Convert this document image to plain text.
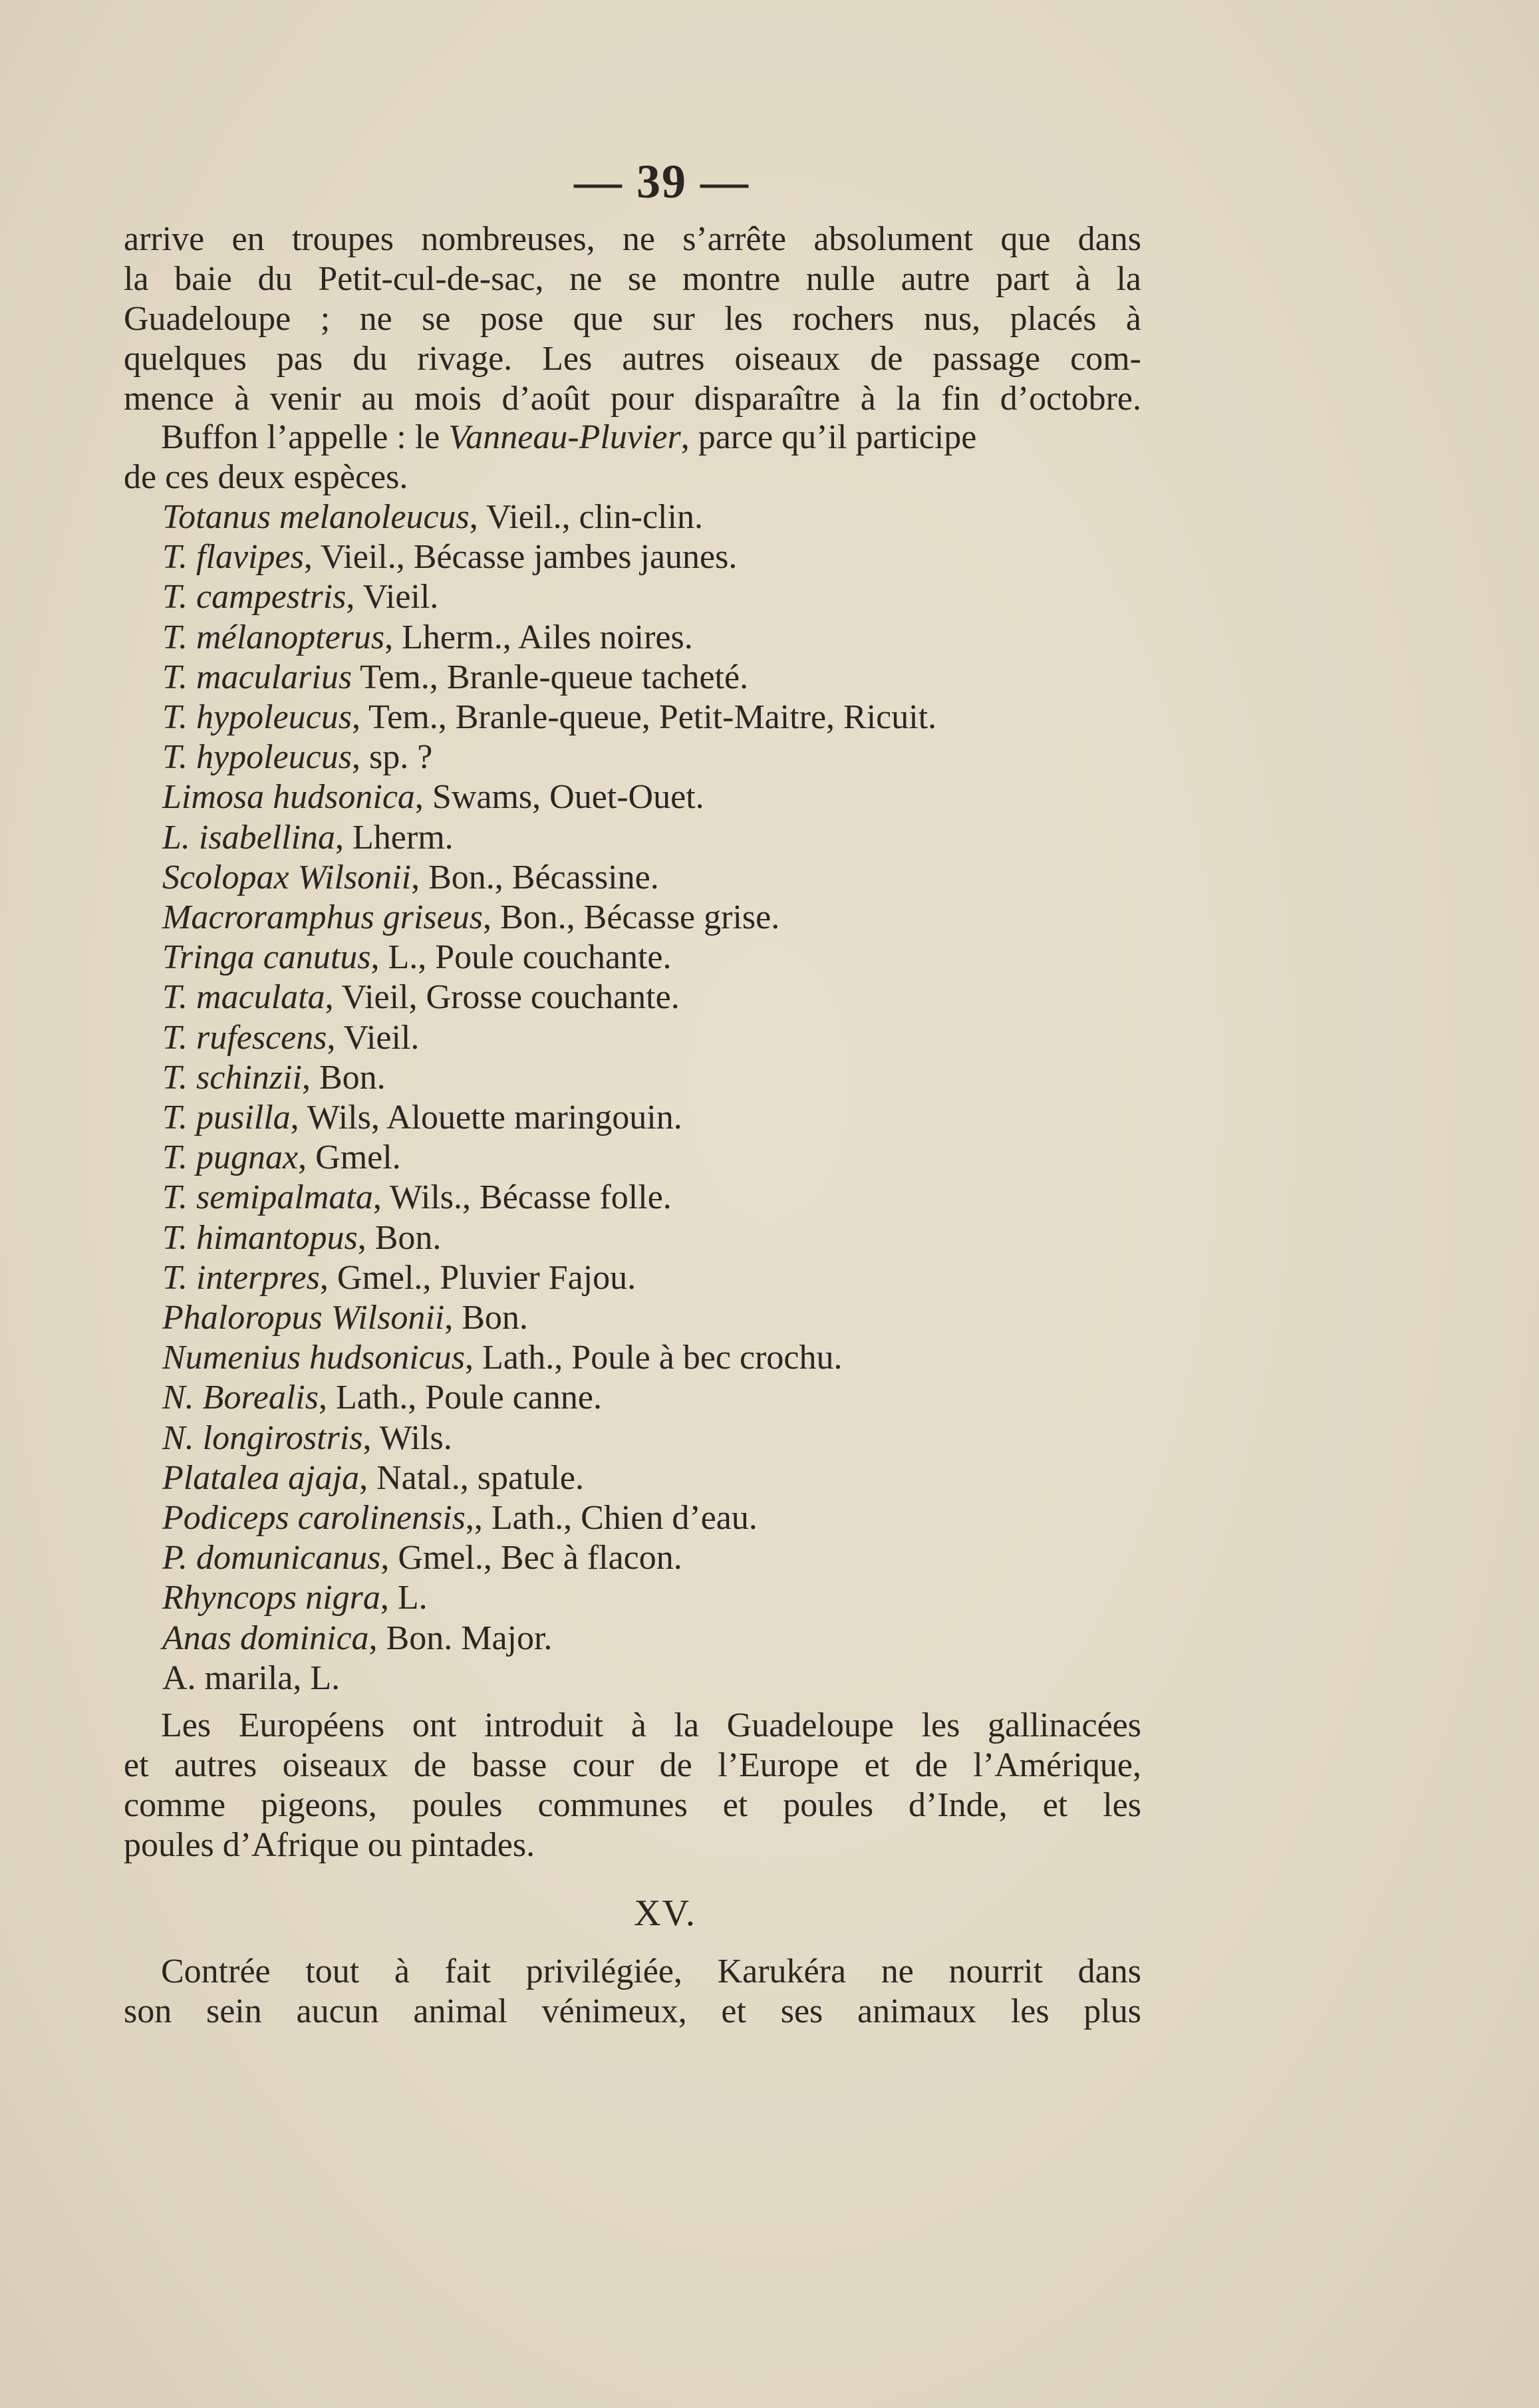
— 39 —
arrive en troupes nombreuses, ne s’arrête absolument que dans
la baie du Petit-cul-de-sac, ne se montre nulle autre part à la
Guadeloupe ; ne se pose que sur les rochers nus, placés à
quelques pas du rivage. Les autres oiseaux de passage com-
mence à venir au mois d’août pour disparaître à la fin d’octobre.
Buffon l’appelle : le Vanneau-Pluvier, parce qu’il participe
de ces deux espèces.
Totanus melanoleucus, Vieil., clin-clin.
T. flavipes, Vieil., Bécasse jambes jaunes.
T. campestris, Vieil.
T. mélanopterus, Lherm., Ailes noires.
T. macularius Tem., Branle-queue tacheté.
T. hypoleucus, Tem., Branle-queue, Petit-Maitre, Ricuit.
T. hypoleucus, sp. ?
Limosa hudsonica, Swams, Ouet-Ouet.
L. isabellina, Lherm.
Scolopax Wilsonii, Bon., Bécassine.
Macroramphus griseus, Bon., Bécasse grise.
Tringa canutus, L., Poule couchante.
T. maculata, Vieil, Grosse couchante.
T. rufescens, Vieil.
T. schinzii, Bon.
T. pusilla, Wils, Alouette maringouin.
T. pugnax, Gmel.
T. semipalmata, Wils., Bécasse folle.
T. himantopus, Bon.
T. interpres, Gmel., Pluvier Fajou.
Phaloropus Wilsonii, Bon.
Numenius hudsonicus, Lath., Poule à bec crochu.
N. Borealis, Lath., Poule canne.
N. longirostris, Wils.
Platalea ajaja, Natal., spatule.
Podiceps carolinensis,, Lath., Chien d’eau.
P. domunicanus, Gmel., Bec à flacon.
Rhyncops nigra, L.
Anas dominica, Bon. Major.
A. marila, L.
Les Européens ont introduit à la Guadeloupe les gallinacées
et autres oiseaux de basse cour de l’Europe et de l’Amérique,
comme pigeons, poules communes et poules d’Inde, et les
poules d’Afrique ou pintades.
XV.
Contrée tout à fait privilégiée, Karukéra ne nourrit dans
son sein aucun animal vénimeux, et ses animaux les plus
